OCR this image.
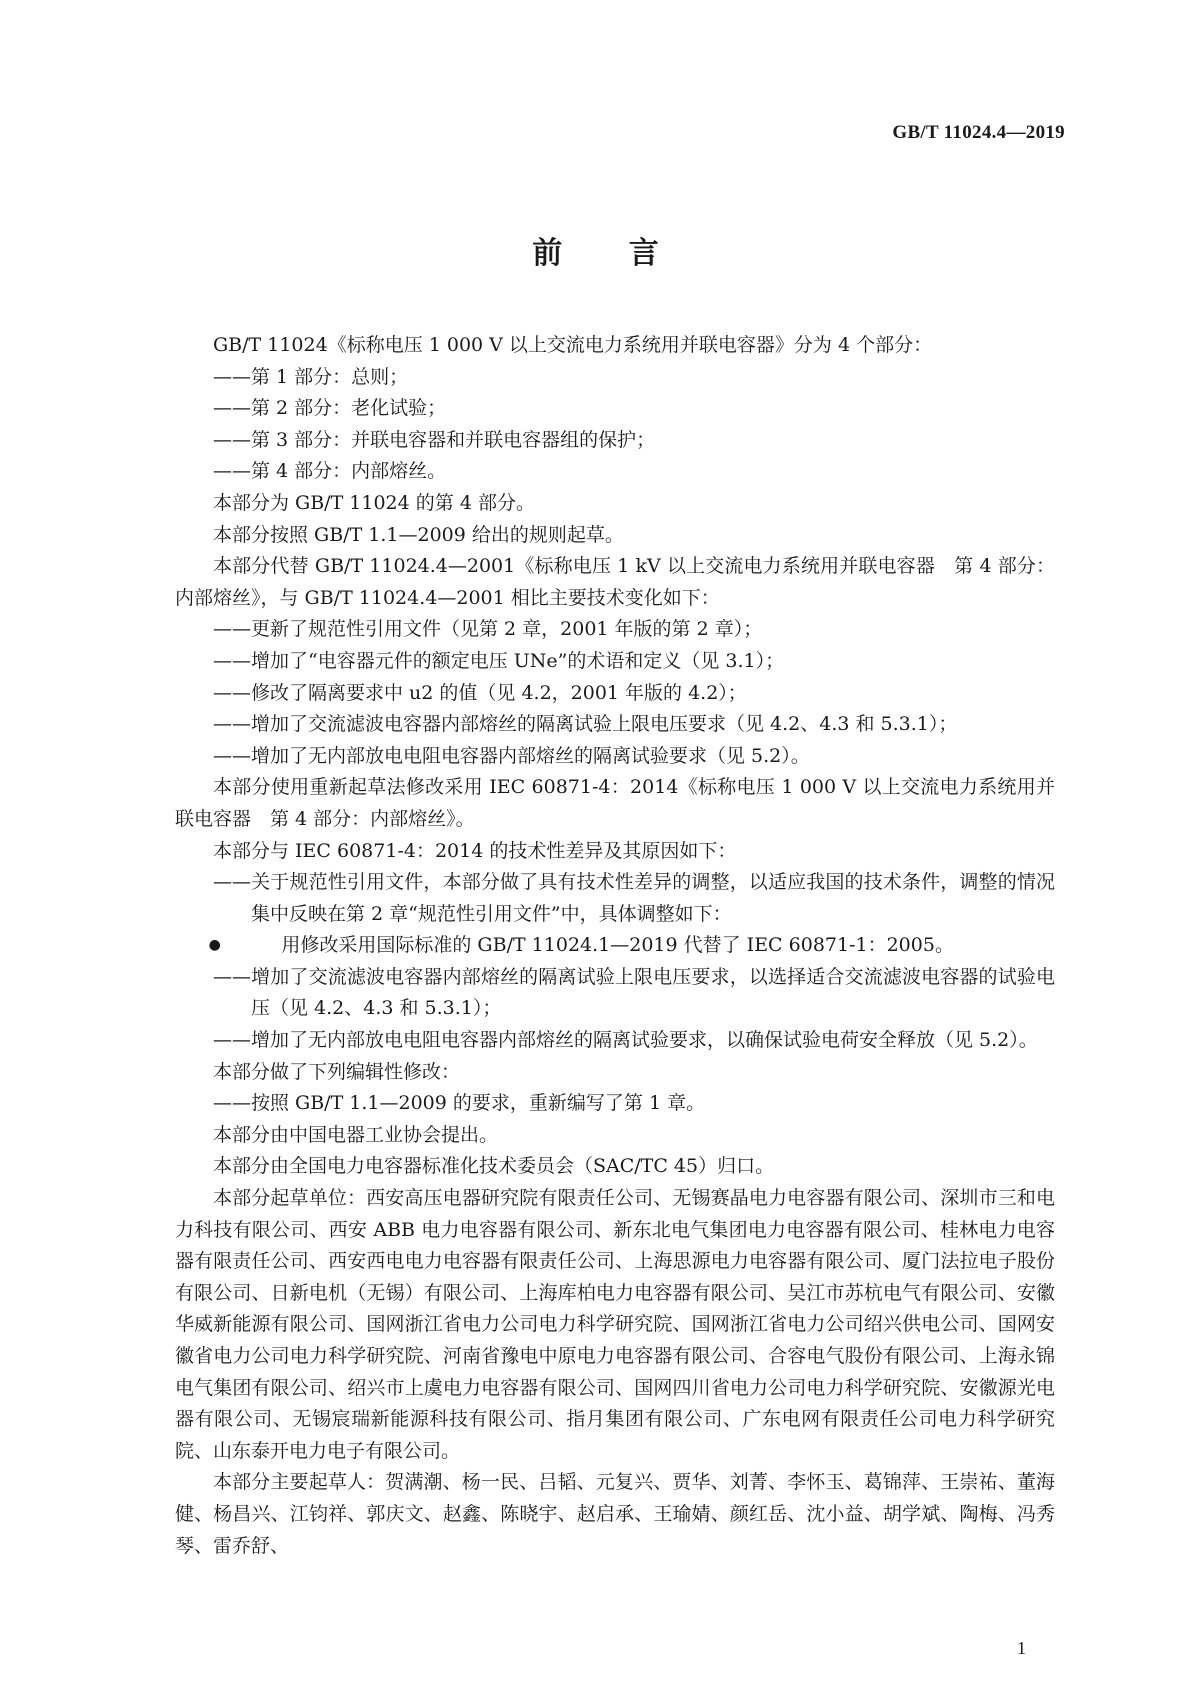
GB/T 11024.4—2019
前 言

GB/T 11024《标称电压 1 000 V 以上交流电力系统用并联电容器》分为 4 个部分：

——第 1 部分：总则；

——第 2 部分：老化试验；

——第 3 部分：并联电容器和并联电容器组的保护；

——第 4 部分：内部熔丝。

本部分为 GB/T 11024 的第 4 部分。

本部分按照 GB/T 1.1—2009 给出的规则起草。

本部分代替 GB/T 11024.4—2001《标称电压 1 kV 以上交流电力系统用并联电容器　第 4 部分：内部熔丝》，与 GB/T 11024.4—2001 相比主要技术变化如下：

——更新了规范性引用文件（见第 2 章，2001 年版的第 2 章）；

——增加了“电容器元件的额定电压 UNe”的术语和定义（见 3.1）；

——修改了隔离要求中 u2 的值（见 4.2，2001 年版的 4.2）；

——增加了交流滤波电容器内部熔丝的隔离试验上限电压要求（见 4.2、4.3 和 5.3.1）；

——增加了无内部放电电阻电容器内部熔丝的隔离试验要求（见 5.2）。

本部分使用重新起草法修改采用 IEC 60871-4：2014《标称电压 1 000 V 以上交流电力系统用并联电容器　第 4 部分：内部熔丝》。

本部分与 IEC 60871-4：2014 的技术性差异及其原因如下：

——关于规范性引用文件，本部分做了具有技术性差异的调整，以适应我国的技术条件，调整的情况集中反映在第 2 章“规范性引用文件”中，具体调整如下：

●	用修改采用国际标准的 GB/T 11024.1—2019 代替了 IEC 60871-1：2005。

——增加了交流滤波电容器内部熔丝的隔离试验上限电压要求，以选择适合交流滤波电容器的试验电压（见 4.2、4.3 和 5.3.1）；

——增加了无内部放电电阻电容器内部熔丝的隔离试验要求，以确保试验电荷安全释放（见 5.2）。

本部分做了下列编辑性修改：

——按照 GB/T 1.1—2009 的要求，重新编写了第 1 章。

本部分由中国电器工业协会提出。

本部分由全国电力电容器标准化技术委员会（SAC/TC 45）归口。

本部分起草单位：西安高压电器研究院有限责任公司、无锡赛晶电力电容器有限公司、深圳市三和电力科技有限公司、西安 ABB 电力电容器有限公司、新东北电气集团电力电容器有限公司、桂林电力电容器有限责任公司、西安西电电力电容器有限责任公司、上海思源电力电容器有限公司、厦门法拉电子股份有限公司、日新电机（无锡）有限公司、上海库柏电力电容器有限公司、吴江市苏杭电气有限公司、安徽华威新能源有限公司、国网浙江省电力公司电力科学研究院、国网浙江省电力公司绍兴供电公司、国网安徽省电力公司电力科学研究院、河南省豫电中原电力电容器有限公司、合容电气股份有限公司、上海永锦电气集团有限公司、绍兴市上虞电力电容器有限公司、国网四川省电力公司电力科学研究院、安徽源光电器有限公司、无锡宸瑞新能源科技有限公司、指月集团有限公司、广东电网有限责任公司电力科学研究院、山东泰开电力电子有限公司。

本部分主要起草人：贺满潮、杨一民、吕韬、元复兴、贾华、刘菁、李怀玉、葛锦萍、王崇祐、董海健、杨昌兴、江钧祥、郭庆文、赵鑫、陈晓宇、赵启承、王瑜婧、颜红岳、沈小益、胡学斌、陶梅、冯秀琴、雷乔舒、

1
